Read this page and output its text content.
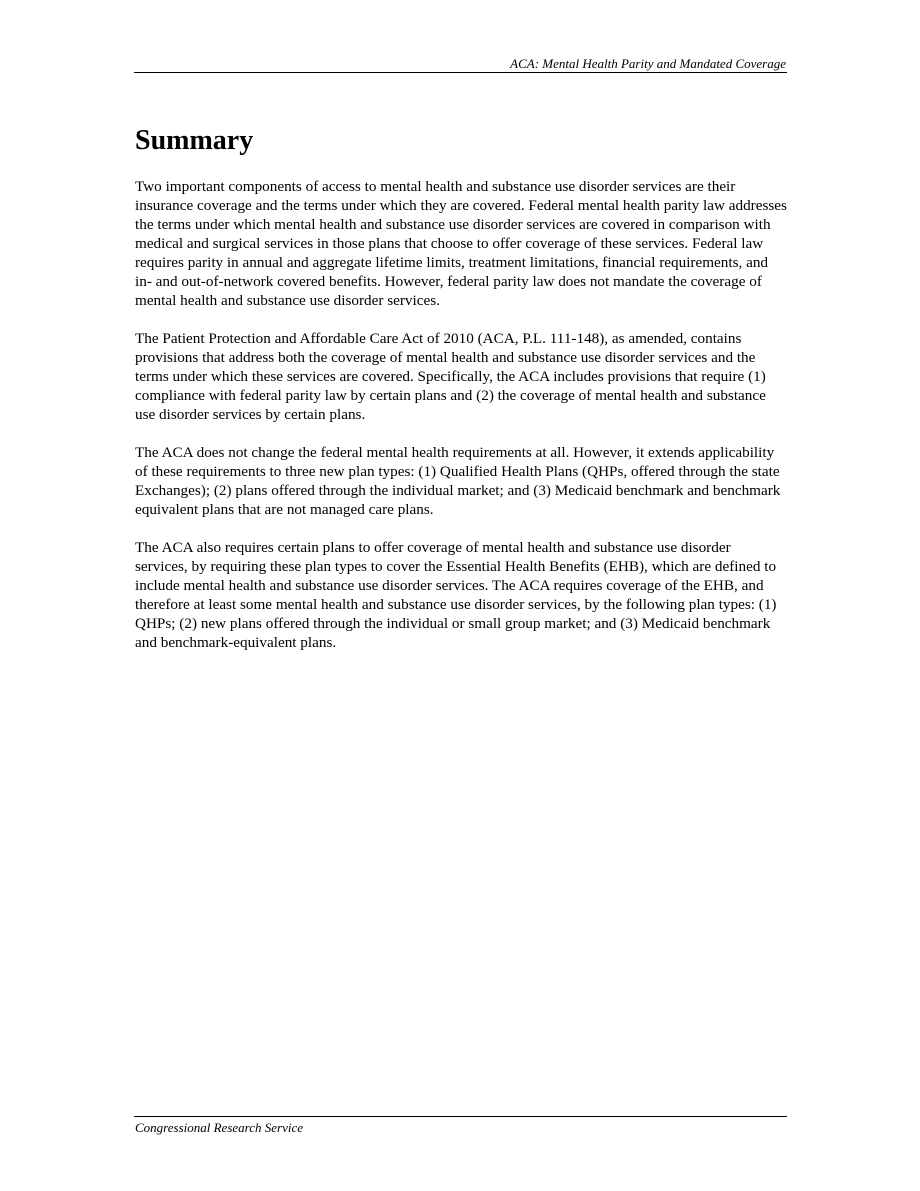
ACA: Mental Health Parity and Mandated Coverage
Summary

Two important components of access to mental health and substance use disorder services are their insurance coverage and the terms under which they are covered. Federal mental health parity law addresses the terms under which mental health and substance use disorder services are covered in comparison with medical and surgical services in those plans that choose to offer coverage of these services. Federal law requires parity in annual and aggregate lifetime limits, treatment limitations, financial requirements, and in- and out-of-network covered benefits. However, federal parity law does not mandate the coverage of mental health and substance use disorder services.

The Patient Protection and Affordable Care Act of 2010 (ACA, P.L. 111-148), as amended, contains provisions that address both the coverage of mental health and substance use disorder services and the terms under which these services are covered. Specifically, the ACA includes provisions that require (1) compliance with federal parity law by certain plans and (2) the coverage of mental health and substance use disorder services by certain plans.

The ACA does not change the federal mental health requirements at all. However, it extends applicability of these requirements to three new plan types: (1) Qualified Health Plans (QHPs, offered through the state Exchanges); (2) plans offered through the individual market; and (3) Medicaid benchmark and benchmark equivalent plans that are not managed care plans.

The ACA also requires certain plans to offer coverage of mental health and substance use disorder services, by requiring these plan types to cover the Essential Health Benefits (EHB), which are defined to include mental health and substance use disorder services. The ACA requires coverage of the EHB, and therefore at least some mental health and substance use disorder services, by the following plan types: (1) QHPs; (2) new plans offered through the individual or small group market; and (3) Medicaid benchmark and benchmark-equivalent plans.

Congressional Research Service
